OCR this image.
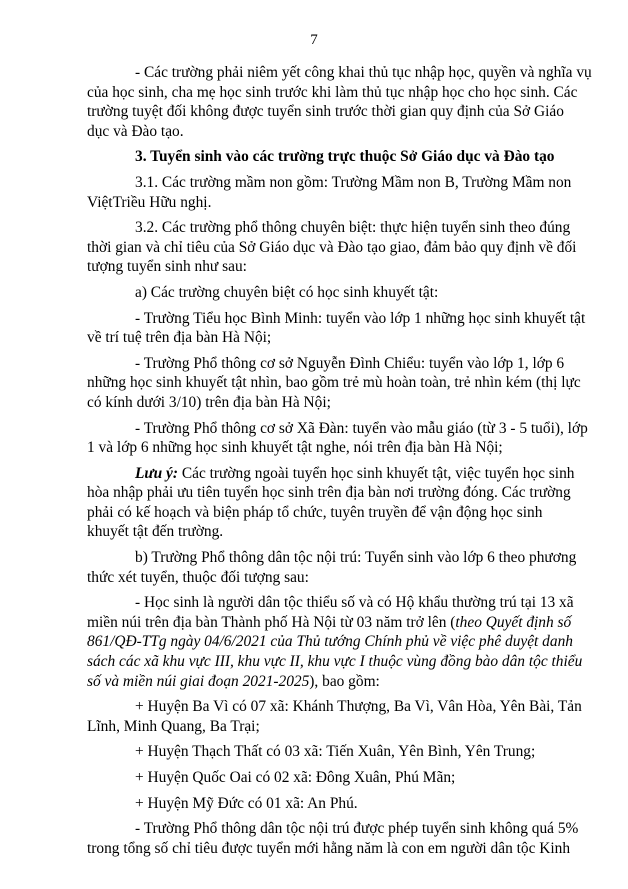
7

- Các trường phải niêm yết công khai thủ tục nhập học, quyền và nghĩa vụ
của học sinh, cha mẹ học sinh trước khi làm thủ tục nhập học cho học sinh. Các
trường tuyệt đối không được tuyển sinh trước thời gian quy định của Sở Giáo
dục và Đào tạo.

3. Tuyển sinh vào các trường trực thuộc Sở Giáo dục và Đào tạo

3.1. Các trường mầm non gồm: Trường Mầm non B, Trường Mầm non
ViệtTriều Hữu nghị.

3.2. Các trường phổ thông chuyên biệt: thực hiện tuyển sinh theo đúng
thời gian và chỉ tiêu của Sở Giáo dục và Đào tạo giao, đảm bảo quy định về đối
tượng tuyển sinh như sau:

a) Các trường chuyên biệt có học sinh khuyết tật:

- Trường Tiểu học Bình Minh: tuyển vào lớp 1 những học sinh khuyết tật
về trí tuệ trên địa bàn Hà Nội;

- Trường Phổ thông cơ sở Nguyễn Đình Chiểu: tuyển vào lớp 1, lớp 6
những học sinh khuyết tật nhìn, bao gồm trẻ mù hoàn toàn, trẻ nhìn kém (thị lực
có kính dưới 3/10) trên địa bàn Hà Nội;

- Trường Phổ thông cơ sở Xã Đàn: tuyển vào mẫu giáo (từ 3 - 5 tuổi), lớp
1 và lớp 6 những học sinh khuyết tật nghe, nói trên địa bàn Hà Nội;

Lưu ý: Các trường ngoài tuyển học sinh khuyết tật, việc tuyển học sinh
hòa nhập phải ưu tiên tuyển học sinh trên địa bàn nơi trường đóng. Các trường
phải có kế hoạch và biện pháp tổ chức, tuyên truyền để vận động học sinh
khuyết tật đến trường.

b) Trường Phổ thông dân tộc nội trú: Tuyển sinh vào lớp 6 theo phương
thức xét tuyển, thuộc đối tượng sau:

- Học sinh là người dân tộc thiểu số và có Hộ khẩu thường trú tại 13 xã
miền núi trên địa bàn Thành phố Hà Nội từ 03 năm trở lên (theo Quyết định số
861/QĐ-TTg ngày 04/6/2021 của Thủ tướng Chính phủ về việc phê duyệt danh
sách các xã khu vực III, khu vực II, khu vực I thuộc vùng đồng bào dân tộc thiểu
số và miền núi giai đoạn 2021-2025), bao gồm:

+ Huyện Ba Vì có 07 xã: Khánh Thượng, Ba Vì, Vân Hòa, Yên Bài, Tản
Lĩnh, Minh Quang, Ba Trại;

+ Huyện Thạch Thất có 03 xã: Tiến Xuân, Yên Bình, Yên Trung;

+ Huyện Quốc Oai có 02 xã: Đông Xuân, Phú Mãn;

+ Huyện Mỹ Đức có 01 xã: An Phú.

- Trường Phổ thông dân tộc nội trú được phép tuyển sinh không quá 5%
trong tổng số chỉ tiêu được tuyển mới hằng năm là con em người dân tộc Kinh
